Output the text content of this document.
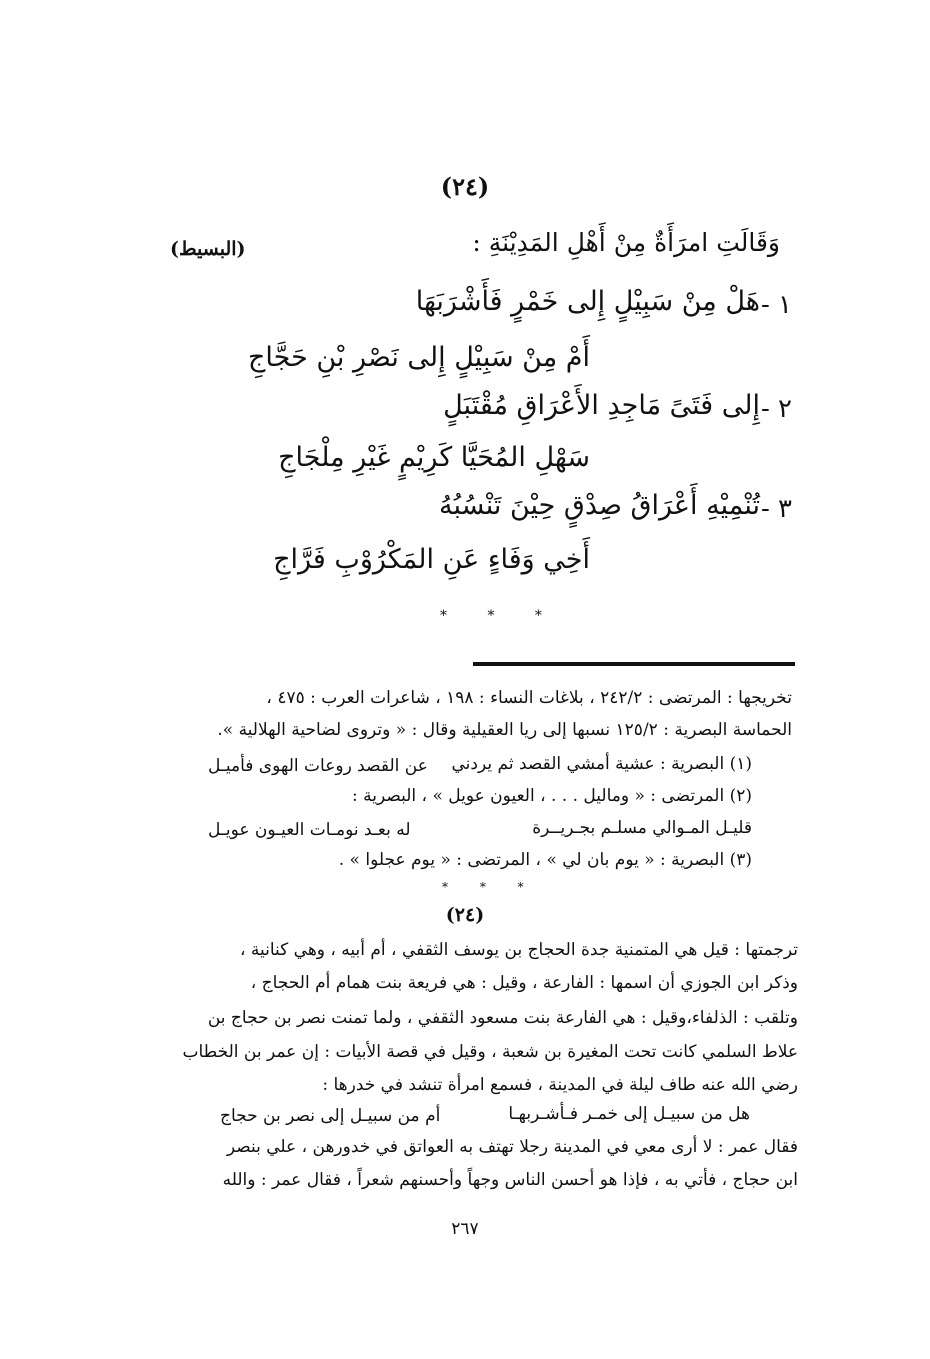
(٢٤)
وَقَالَتِ امرَأَةٌ مِنْ أَهْلِ المَدِيْنَةِ :
(البسيط)
١ -
هَلْ مِنْ سَبِيْلٍ إِلى خَمْرٍ فَأَشْرَبَهَا
أَمْ مِنْ سَبِيْلٍ إِلى نَصْرِ بْنِ حَجَّاجِ
٢ -
إِلى فَتَىً مَاجِدِ الأَعْرَاقِ مُقْتَبَلٍ
سَهْلِ المُحَيَّا كَرِيْمٍ غَيْرِ مِلْجَاجِ
٣ -
تُنْمِيْهِ أَعْرَاقُ صِدْقٍ حِيْنَ تَنْسُبُهُ
أَخِي وَفَاءٍ عَنِ المَكْرُوْبِ فَرَّاجِ
* * *
تخريجها : المرتضى : ٢٤٢/٢ ، بلاغات النساء : ١٩٨ ، شاعرات العرب : ٤٧٥ ،
الحماسة البصرية : ١٢٥/٢ نسبها إلى ريا العقيلية وقال : « وتروى لضاحية الهلالية ».
(١) البصرية : عشية أمشي القصد ثم يردني
عن القصد روعات الهوى فأميـل
(٢) المرتضى : « وماليل . . . ، العيون عويل » ، البصرية :
قليـل المـوالي مسلـم بجـريــرة
له بعـد نومـات العيـون عويـل
(٣) البصرية : « يوم بان لي » ، المرتضى : « يوم عجلوا » .
* * *
(٢٤)
ترجمتها : قيل هي المتمنية جدة الحجاج بن يوسف الثقفي ، أم أبيه ، وهي كنانية ،
وذكر ابن الجوزي أن اسمها : الفارعة ، وقيل : هي فريعة بنت همام أم الحجاج ،
وتلقب : الذلفاء،وقيل : هي الفارعة بنت مسعود الثقفي ، ولما تمنت نصر بن حجاج بن
علاط السلمي كانت تحت المغيرة بن شعبة ، وقيل في قصة الأبيات : إن عمر بن الخطاب
رضي الله عنه طاف ليلة في المدينة ، فسمع امرأة تنشد في خدرها :
هل من سبيـل إلى خمـر فـأشـربهـا
أم من سبيـل إلى نصر بن حجاج
فقال عمر : لا أرى معي في المدينة رجلا تهتف به العواتق في خدورهن ، علي بنصر
ابن حجاج ، فأتي به ، فإذا هو أحسن الناس وجهاً وأحسنهم شعراً ، فقال عمر : والله
٢٦٧
